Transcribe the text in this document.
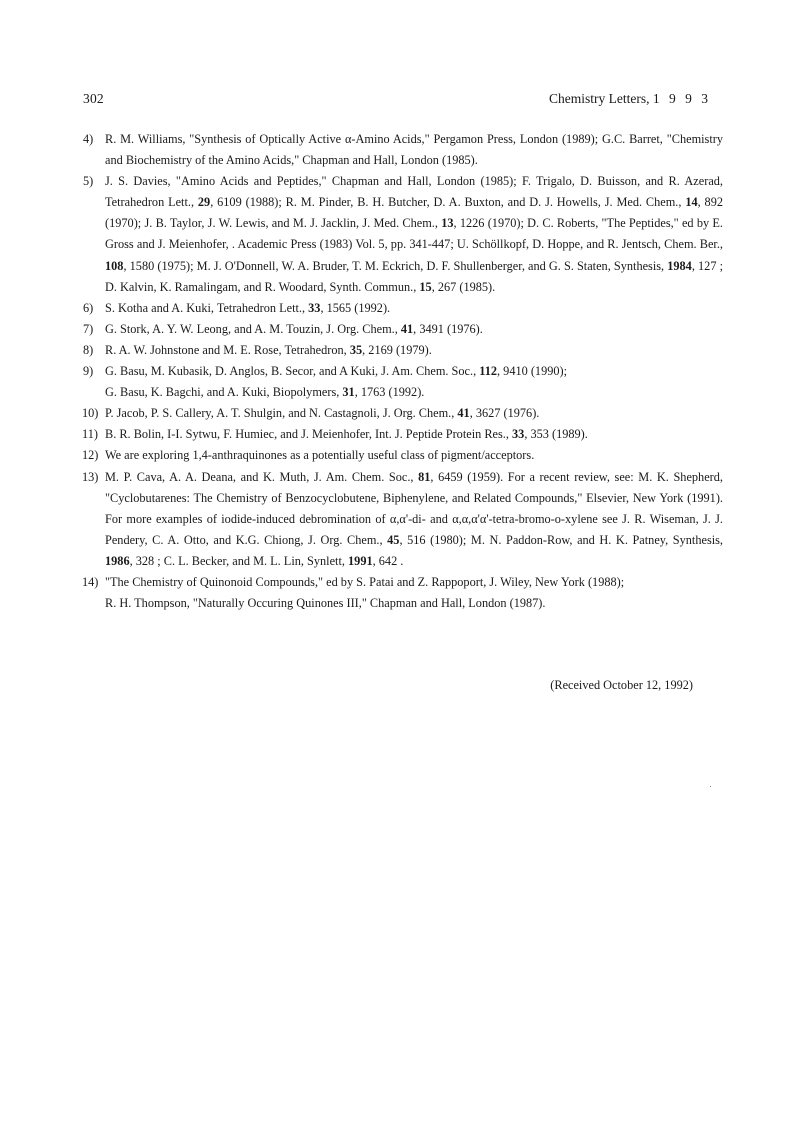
302	Chemistry Letters, 1 9 9 3
4) R. M. Williams, "Synthesis of Optically Active α-Amino Acids," Pergamon Press, London (1989); G.C. Barret, "Chemistry and Biochemistry of the Amino Acids," Chapman and Hall, London (1985).
5) J. S. Davies, "Amino Acids and Peptides," Chapman and Hall, London (1985); F. Trigalo, D. Buisson, and R. Azerad, Tetrahedron Lett., 29, 6109 (1988); R. M. Pinder, B. H. Butcher, D. A. Buxton, and D. J. Howells, J. Med. Chem., 14, 892 (1970); J. B. Taylor, J. W. Lewis, and M. J. Jacklin, J. Med. Chem., 13, 1226 (1970); D. C. Roberts, "The Peptides," ed by E. Gross and J. Meienhofer, . Academic Press (1983) Vol. 5, pp. 341-447; U. Schöllkopf, D. Hoppe, and R. Jentsch, Chem. Ber., 108, 1580 (1975); M. J. O'Donnell, W. A. Bruder, T. M. Eckrich, D. F. Shullenberger, and G. S. Staten, Synthesis, 1984, 127 ; D. Kalvin, K. Ramalingam, and R. Woodard, Synth. Commun., 15, 267 (1985).
6) S. Kotha and A. Kuki, Tetrahedron Lett., 33, 1565 (1992).
7) G. Stork, A. Y. W. Leong, and A. M. Touzin, J. Org. Chem., 41, 3491 (1976).
8) R. A. W. Johnstone and M. E. Rose, Tetrahedron, 35, 2169 (1979).
9) G. Basu, M. Kubasik, D. Anglos, B. Secor, and A Kuki, J. Am. Chem. Soc., 112, 9410 (1990);
G. Basu, K. Bagchi, and A. Kuki, Biopolymers, 31, 1763 (1992).
10) P. Jacob, P. S. Callery, A. T. Shulgin, and N. Castagnoli, J. Org. Chem., 41, 3627 (1976).
11) B. R. Bolin, I-I. Sytwu, F. Humiec, and J. Meienhofer, Int. J. Peptide Protein Res., 33, 353 (1989).
12) We are exploring 1,4-anthraquinones as a potentially useful class of pigment/acceptors.
13) M. P. Cava, A. A. Deana, and K. Muth, J. Am. Chem. Soc., 81, 6459 (1959). For a recent review, see: M. K. Shepherd, "Cyclobutarenes: The Chemistry of Benzocyclobutene, Biphenylene, and Related Compounds," Elsevier, New York (1991). For more examples of iodide-induced debromination of α,α'-di- and α,α,α'α'-tetra-bromo-o-xylene see J. R. Wiseman, J. J. Pendery, C. A. Otto, and K.G. Chiong, J. Org. Chem., 45, 516 (1980); M. N. Paddon-Row, and H. K. Patney, Synthesis, 1986, 328 ; C. L. Becker, and M. L. Lin, Synlett, 1991, 642 .
14) "The Chemistry of Quinonoid Compounds," ed by S. Patai and Z. Rappoport, J. Wiley, New York (1988);
R. H. Thompson, "Naturally Occuring Quinones III," Chapman and Hall, London (1987).
(Received October 12, 1992)
